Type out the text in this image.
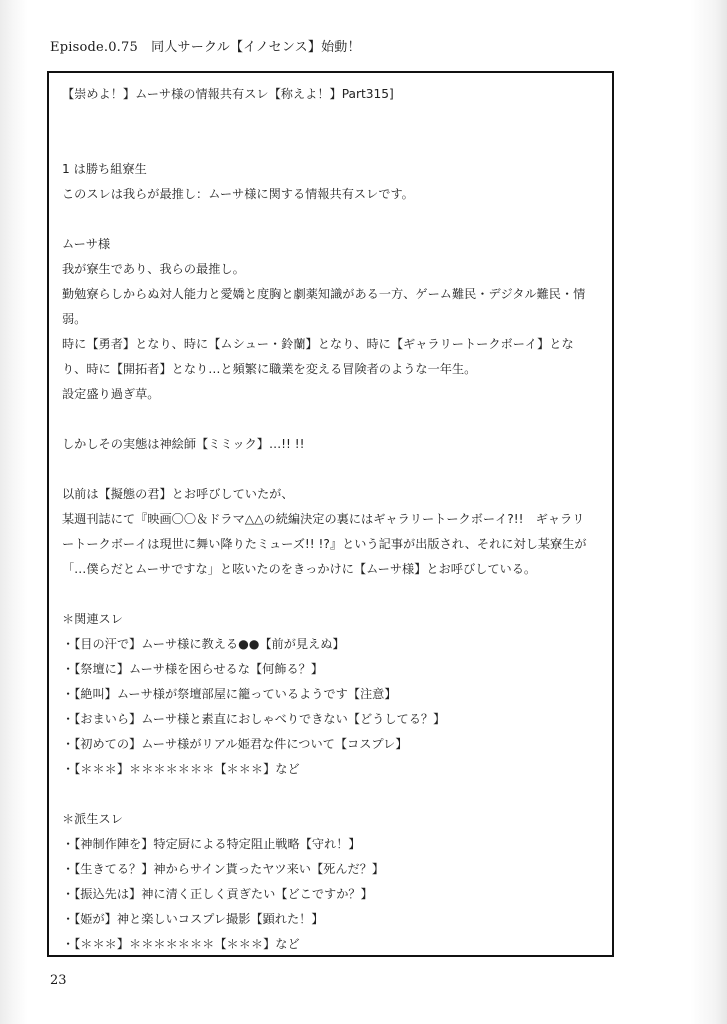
Episode.0.75　同人サークル【イノセンス】始動！
【崇めよ！】ムーサ様の情報共有スレ【称えよ！】Part315]
1 は勝ち組寮生
このスレは我らが最推し：ムーサ様に関する情報共有スレです。
ムーサ様
我が寮生であり、我らの最推し。
勤勉寮らしからぬ対人能力と愛嬌と度胸と劇薬知識がある一方、ゲーム難民・デジタル難民・情
弱。
時に【勇者】となり、時に【ムシュー・鈴蘭】となり、時に【ギャラリートークボーイ】とな
り、時に【開拓者】となり…と頻繁に職業を変える冒険者のような一年生。
設定盛り過ぎ草。
しかしその実態は神絵師【ミミック】…!! !!
以前は【擬態の君】とお呼びしていたが、
某週刊誌にて『映画〇〇＆ドラマ△△の続編決定の裏にはギャラリートークボーイ?!!　ギャラリ
ートークボーイは現世に舞い降りたミューズ!! !?』という記事が出版され、それに対し某寮生が
「…僕らだとムーサですな」と呟いたのをきっかけに【ムーサ様】とお呼びしている。
＊関連スレ
・【目の汗で】ムーサ様に教える●●【前が見えぬ】
・【祭壇に】ムーサ様を困らせるな【何飾る？】
・【絶叫】ムーサ様が祭壇部屋に籠っているようです【注意】
・【おまいら】ムーサ様と素直におしゃべりできない【どうしてる？】
・【初めての】ムーサ様がリアル姫君な件について【コスプレ】
・【＊＊＊】＊＊＊＊＊＊＊【＊＊＊】など
＊派生スレ
・【神制作陣を】特定厨による特定阻止戦略【守れ！】
・【生きてる？】神からサイン貰ったヤツ来い【死んだ？】
・【振込先は】神に清く正しく貢ぎたい【どこですか？】
・【姫が】神と楽しいコスプレ撮影【顕れた！】
・【＊＊＊】＊＊＊＊＊＊＊【＊＊＊】など
23
